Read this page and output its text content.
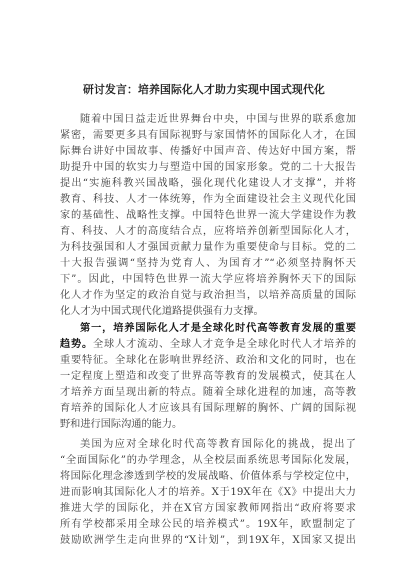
研讨发言：培养国际化人才助力实现中国式现代化
随着中国日益走近世界舞台中央，中国与世界的联系愈加
紧密，需要更多具有国际视野与家国情怀的国际化人才，在国
际舞台讲好中国故事、传播好中国声音、传达好中国方案，帮
助提升中国的软实力与塑造中国的国家形象。党的二十大报告
提出“实施科教兴国战略，强化现代化建设人才支撑”，并将
教育、科技、人才一体统筹，作为全面建设社会主义现代化国
家的基础性、战略性支撑。中国特色世界一流大学建设作为教
育、科技、人才的高度结合点，应将培养创新型国际化人才，
为科技强国和人才强国贡献力量作为重要使命与目标。党的二
十大报告强调“坚持为党育人、为国育才”“必须坚持胸怀天
下”。因此，中国特色世界一流大学应将培养胸怀天下的国际
化人才作为坚定的政治自觉与政治担当，以培养高质量的国际
化人才为中国式现代化道路提供强有力支撑。
第一，培养国际化人才是全球化时代高等教育发展的重要
趋势。全球人才流动、全球人才竞争是全球化时代人才培养的
重要特征。全球化在影响世界经济、政治和文化的同时，也在
一定程度上塑造和改变了世界高等教育的发展模式，使其在人
才培养方面呈现出新的特点。随着全球化进程的加速，高等教
育培养的国际化人才应该具有国际理解的胸怀、广阔的国际视
野和进行国际沟通的能力。
美国为应对全球化时代高等教育国际化的挑战，提出了
“全面国际化”的办学理念，从全校层面系统思考国际化发展，
将国际化理念渗透到学校的发展战略、价值体系与学校定位中，
进而影响其国际化人才的培养。X于19X年在《X》中提出大力
推进大学的国际化，并在X官方国家教师网指出“政府将要求
所有学校都采用全球公民的培养模式”。19X年，欧盟制定了
鼓励欧洲学生走向世界的“X计划”，到19X年，X国家又提出
